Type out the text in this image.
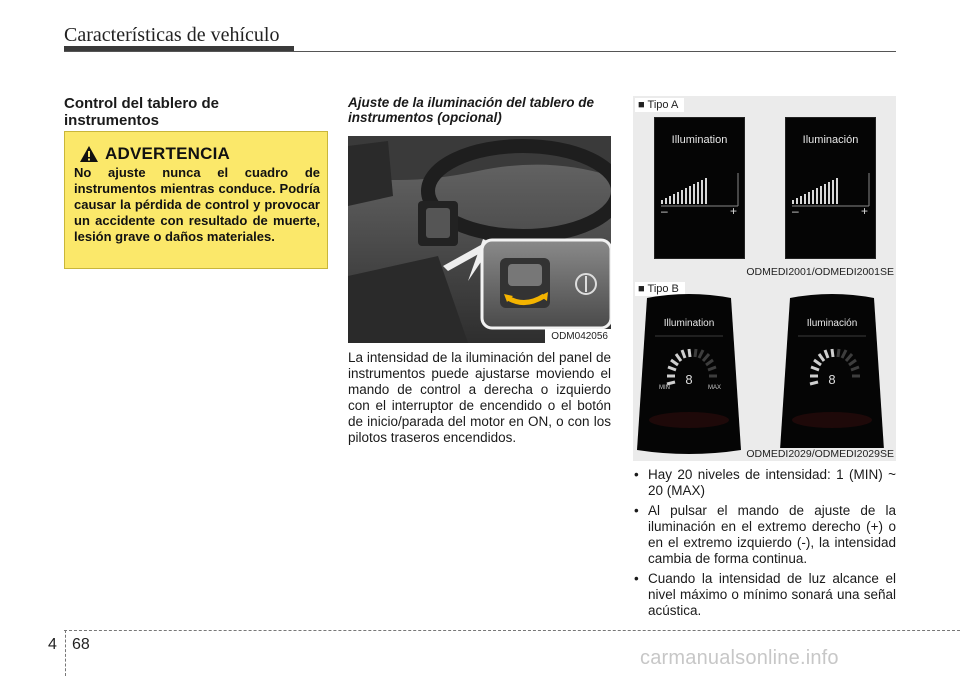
Características de vehículo
Control del tablero de instrumentos
ADVERTENCIA
No ajuste nunca el cuadro de instrumentos mientras conduce. Podría causar la pérdida de control y provocar un accidente con resultado de muerte, lesión grave o daños materiales.
Ajuste de la iluminación del tablero de instrumentos (opcional)
ODM042056
La intensidad de la iluminación del panel de instrumentos puede ajustarse moviendo el mando de control a derecha o izquierdo con el interruptor de encendido o el botón de inicio/parada del motor en ON, o con los pilotos traseros encendidos.
■ Tipo A
Illumination
–	+
Iluminación
–	+
ODMEDI2001/ODMEDI2001SE
■ Tipo B
Illumination
8
MIN	MAX
Iluminación
8
ODMEDI2029/ODMEDI2029SE
• Hay 20 niveles de intensidad: 1 (MIN) ~ 20 (MAX)
• Al pulsar el mando de ajuste de la iluminación en el extremo derecho (+) o en el extremo izquierdo (-), la intensidad cambia de forma continua.
• Cuando la intensidad de luz alcance el nivel máximo o mínimo sonará una señal acústica.
4 68
carmanualsonline.info
